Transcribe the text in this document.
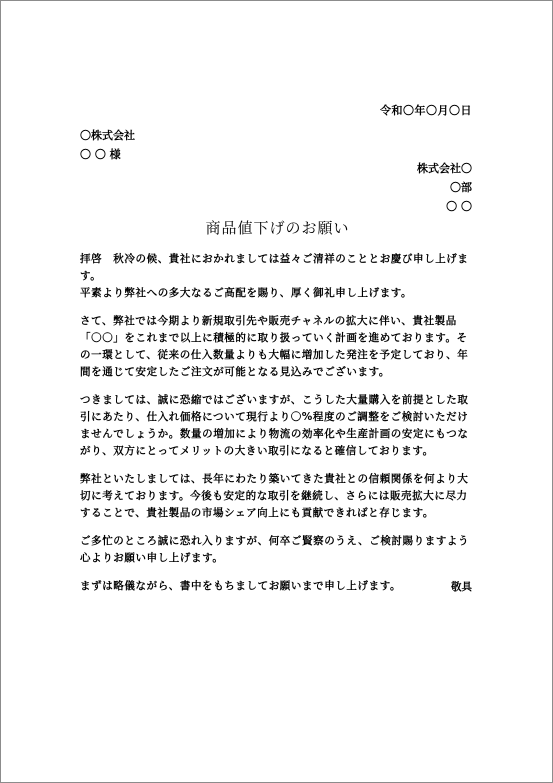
令和〇年〇月〇日
〇株式会社
〇 〇 様
株式会社〇
〇部
〇 〇
商品値下げのお願い

拝啓　秋冷の候、貴社におかれましては益々ご清祥のこととお慶び申し上げます。
平素より弊社への多大なるご高配を賜り、厚く御礼申し上げます。

さて、弊社では今期より新規取引先や販売チャネルの拡大に伴い、貴社製品「〇〇」をこれまで以上に積極的に取り扱っていく計画を進めております。その一環として、従来の仕入数量よりも大幅に増加した発注を予定しており、年間を通じて安定したご注文が可能となる見込みでございます。

つきましては、誠に恐縮ではございますが、こうした大量購入を前提とした取引にあたり、仕入れ価格について現行より〇%程度のご調整をご検討いただけませんでしょうか。数量の増加により物流の効率化や生産計画の安定にもつながり、双方にとってメリットの大きい取引になると確信しております。

弊社といたしましては、長年にわたり築いてきた貴社との信頼関係を何より大切に考えております。今後も安定的な取引を継続し、さらには販売拡大に尽力することで、貴社製品の市場シェア向上にも貢献できればと存じます。

ご多忙のところ誠に恐れ入りますが、何卒ご賢察のうえ、ご検討賜りますよう心よりお願い申し上げます。

まずは略儀ながら、書中をもちましてお願いまで申し上げます。	敬具
